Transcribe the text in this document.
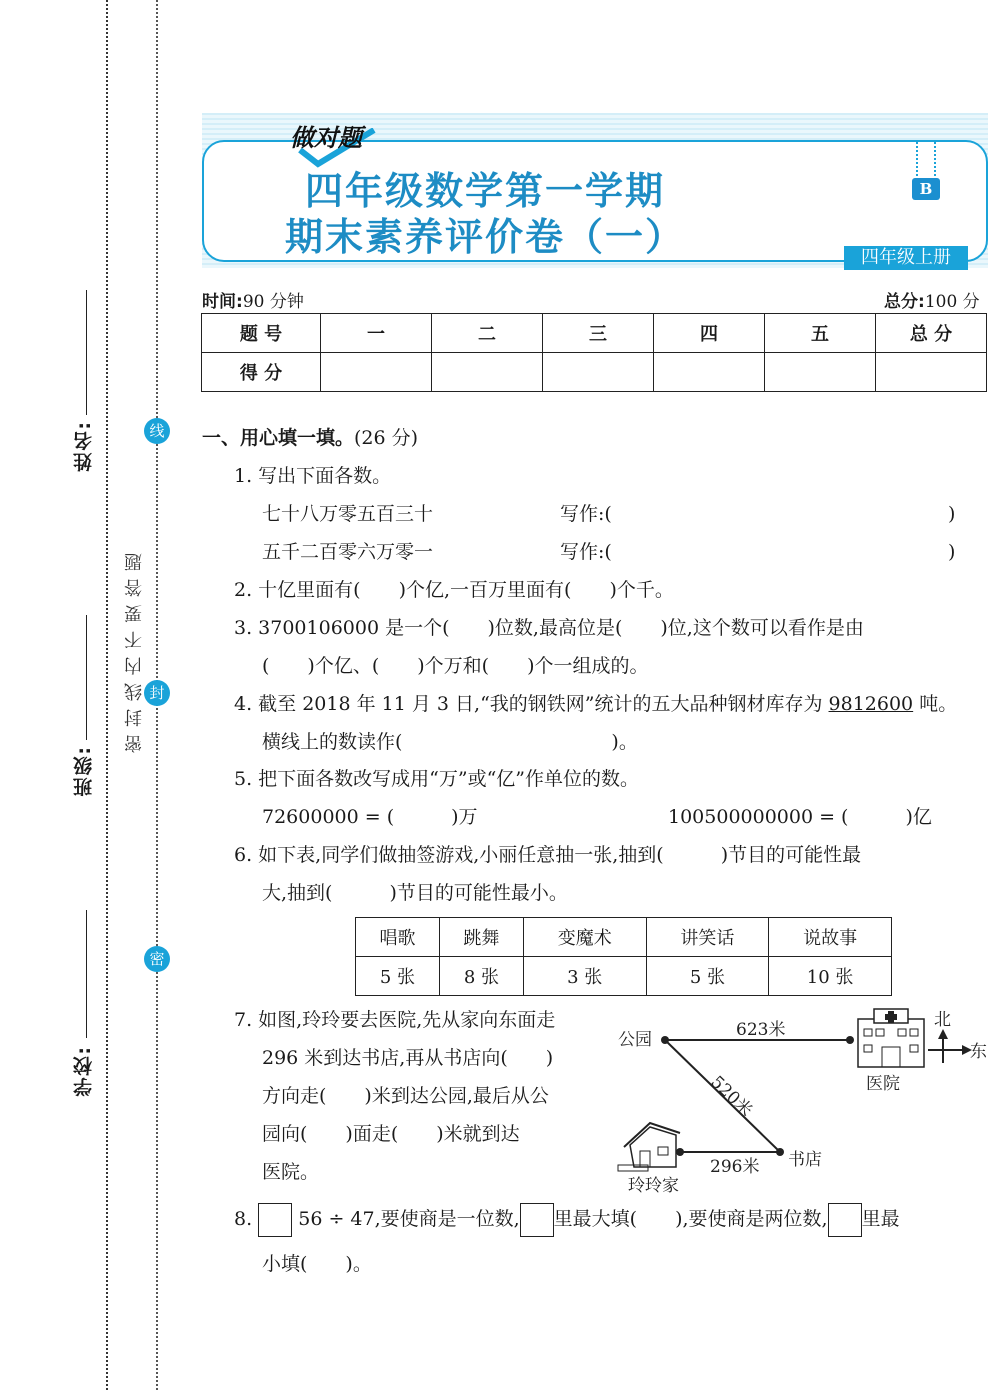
姓名:
班级:
学校:
线
封
密
密封线内不要答题
做对题
四年级数学第一学期
期末素养评价卷（一）
B
四年级上册
时间:90 分钟	总分:100 分
题 号	一	二	三	四	五	总 分
得 分						
一、用心填一填。(26 分)
1. 写出下面各数。
七十八万零五百三十	写作:(	)
五千二百零六万零一	写作:(	)
2. 十亿里面有(　　)个亿,一百万里面有(　　)个千。
3. 3700106000 是一个(　　)位数,最高位是(　　)位,这个数可以看作是由
(　　)个亿、(　　)个万和(　　)个一组成的。
4. 截至 2018 年 11 月 3 日,“我的钢铁网”统计的五大品种钢材库存为 9812600 吨。
横线上的数读作(　　　　　　　　　　　)。
5. 把下面各数改写成用“万”或“亿”作单位的数。
72600000 = (　　　)万	100500000000 = (　　　)亿
6. 如下表,同学们做抽签游戏,小丽任意抽一张,抽到(　　　)节目的可能性最
大,抽到(　　　)节目的可能性最小。
唱歌	跳舞	变魔术	讲笑话	说故事
5 张	8 张	3 张	5 张	10 张
7. 如图,玲玲要去医院,先从家向东面走
296 米到达书店,再从书店向(　　)
方向走(　　)米到达公园,最后从公
园向(　　)面走(　　)米就到达
医院。
公园
医院
书店
玲玲家
623米
520米
296米
北
东
8. 56 ÷ 47,要使商是一位数, 里最大填(　　),要使商是两位数, 里最
小填(　　)。
